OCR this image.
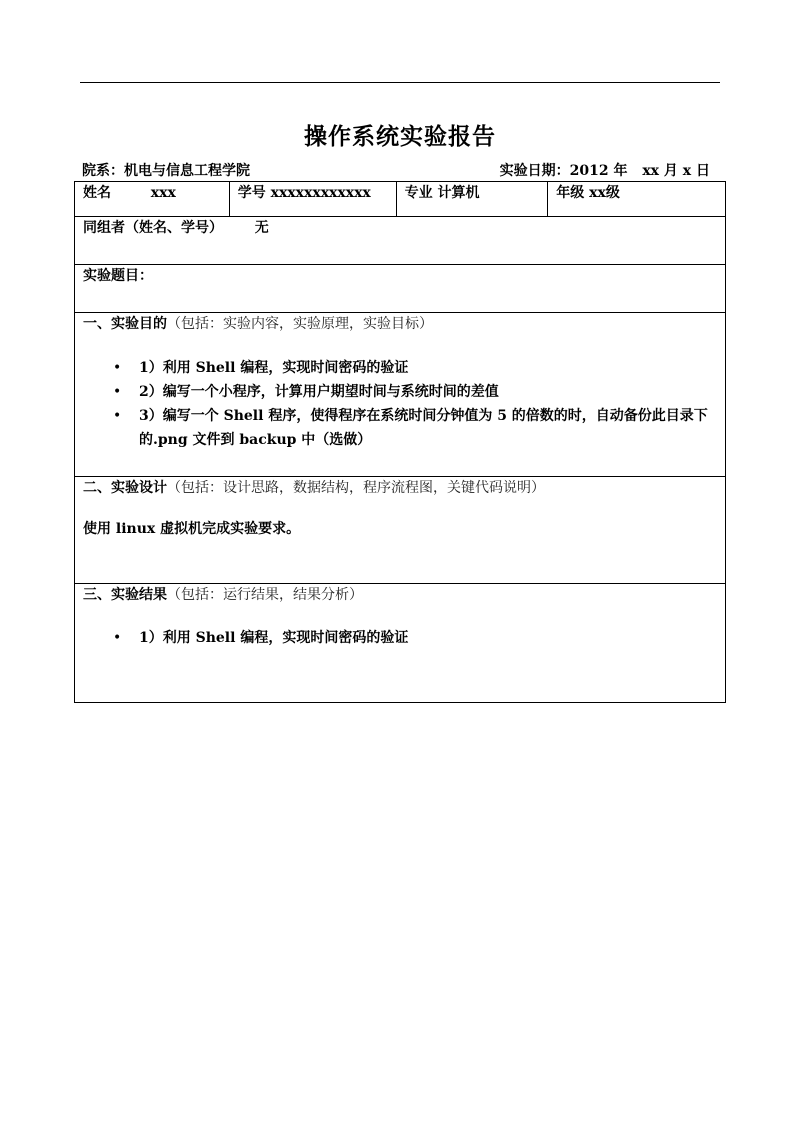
操作系统实验报告
院系：机电与信息工程学院	实验日期：2012 年 xx 月 x 日
姓名	xxx	学号 xxxxxxxxxxxx	专业 计算机	年级 xx级
同组者（姓名、学号） 无
实验题目：

一、实验目的（包括：实验内容，实验原理，实验目标）
• 1）利用 Shell 编程，实现时间密码的验证
• 2）编写一个小程序，计算用户期望时间与系统时间的差值
• 3）编写一个 Shell 程序，使得程序在系统时间分钟值为 5 的倍数的时，自动备份此目录下的.png 文件到 backup 中（选做）

二、实验设计（包括：设计思路，数据结构，程序流程图，关键代码说明）
使用 linux 虚拟机完成实验要求。

三、实验结果（包括：运行结果，结果分析）
• 1）利用 Shell 编程，实现时间密码的验证
